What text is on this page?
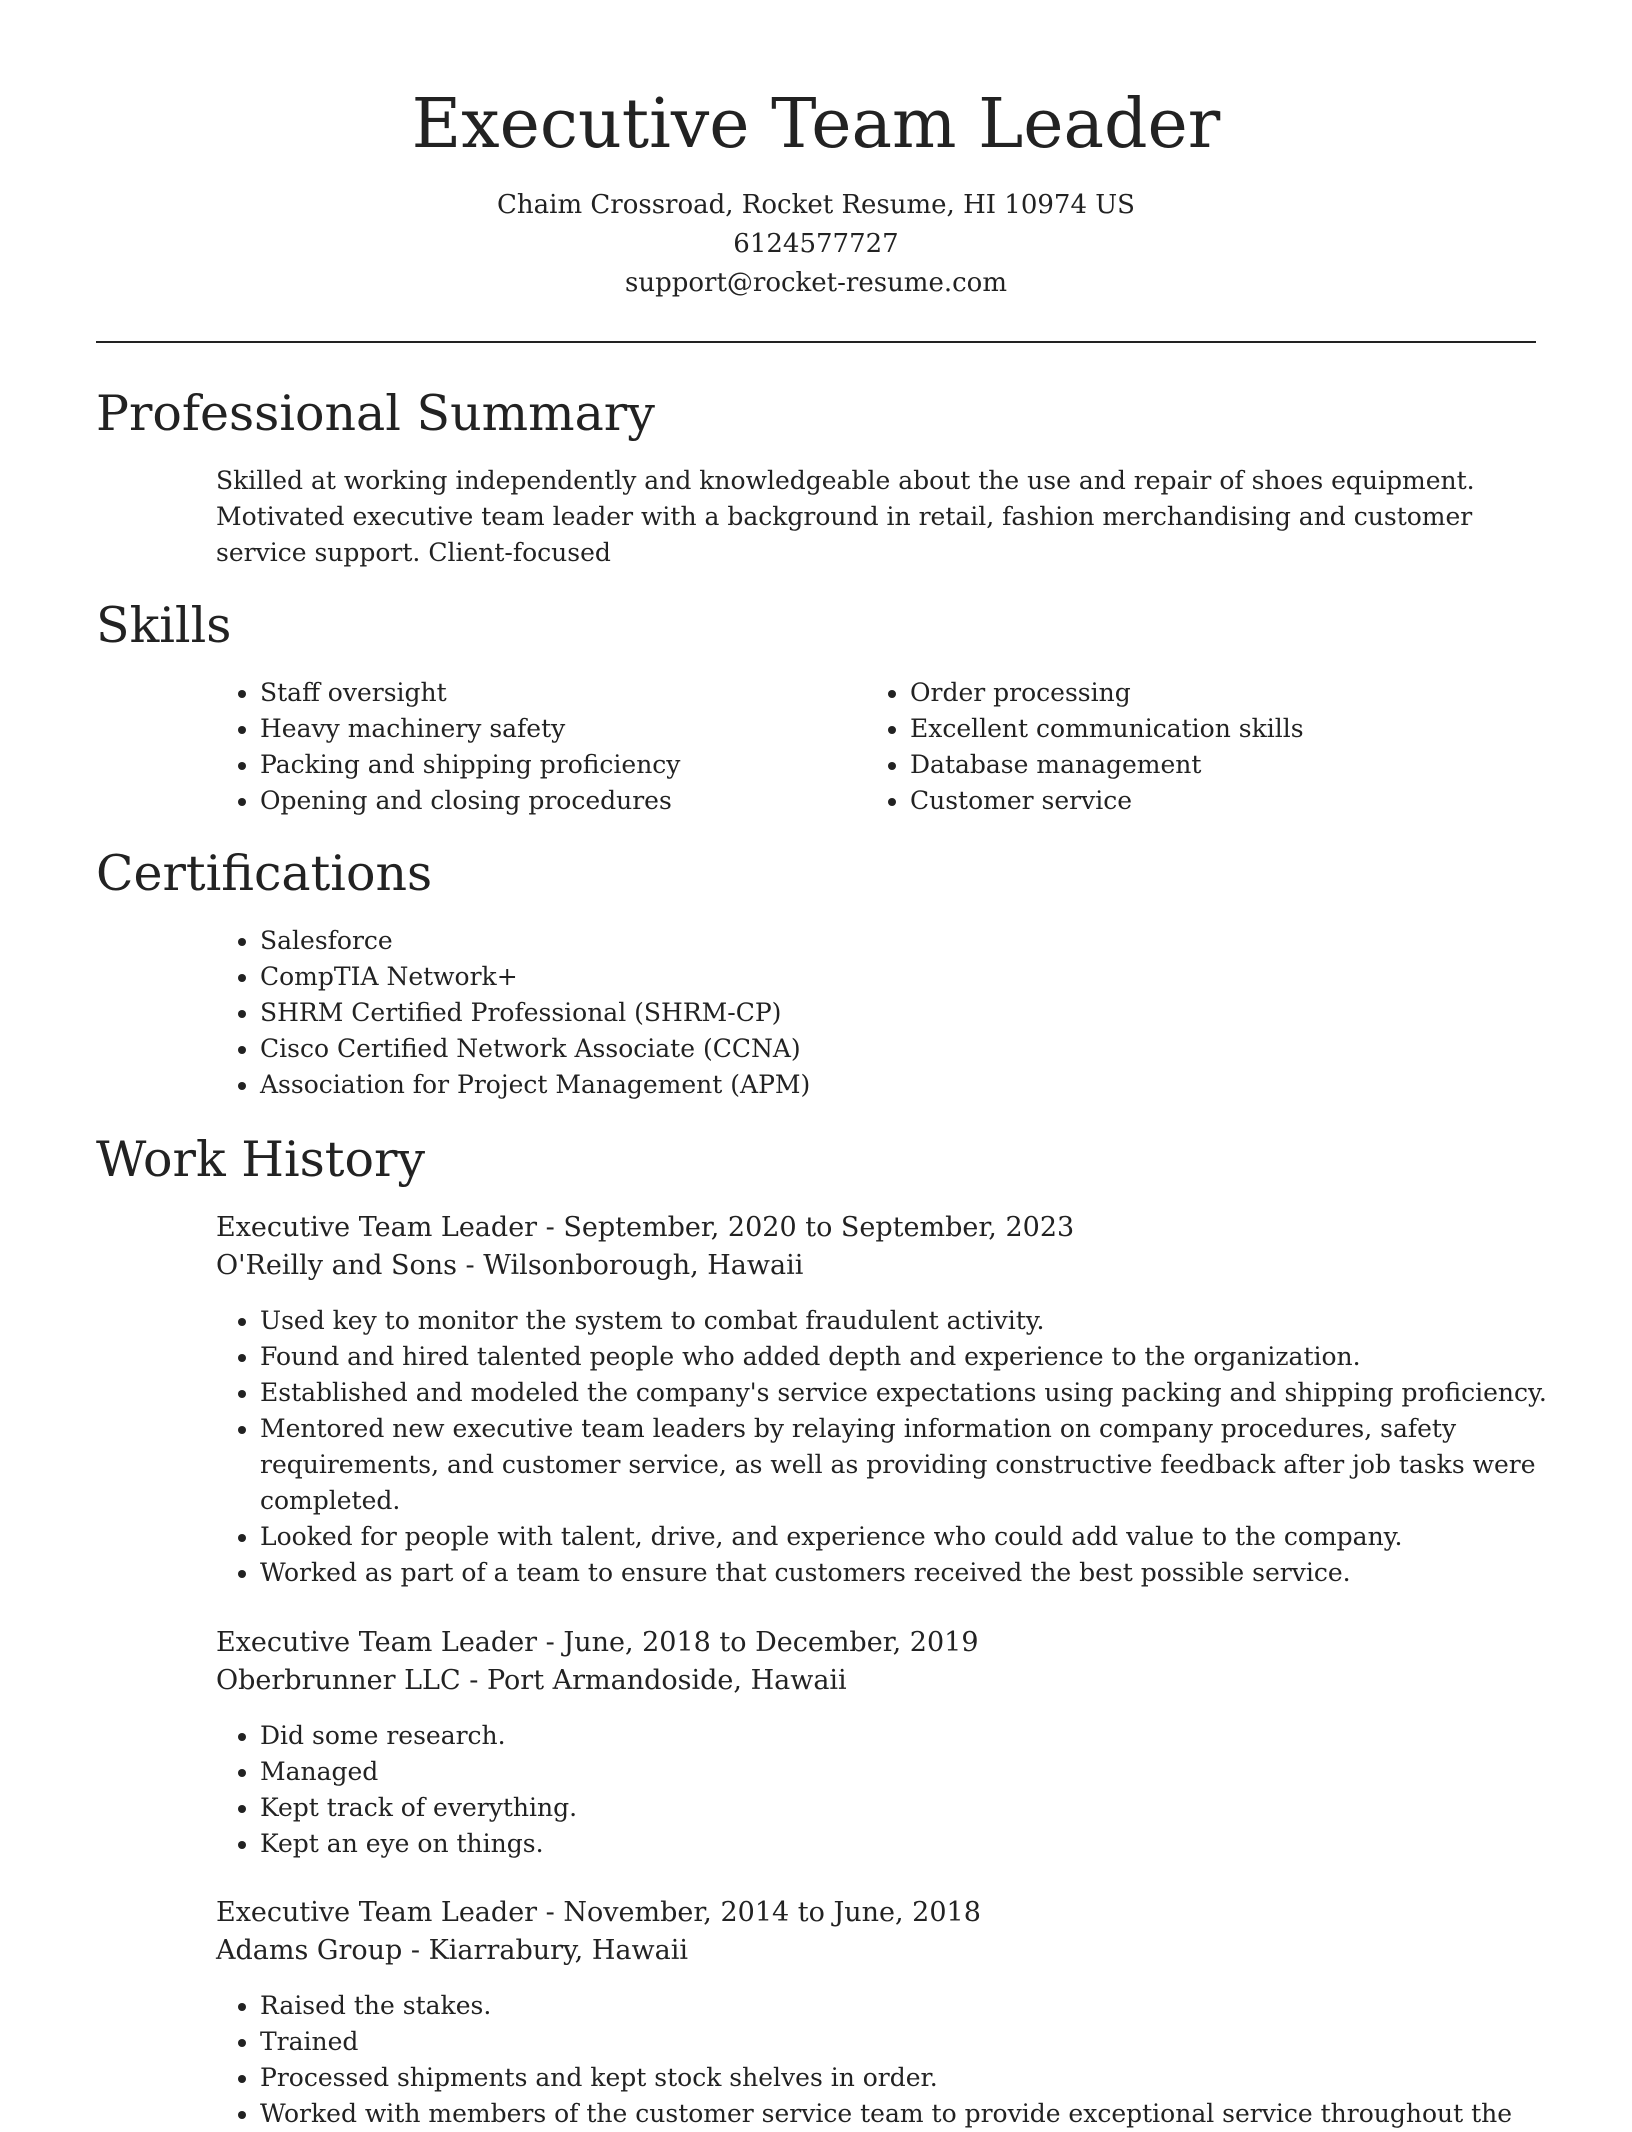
Executive Team Leader
Chaim Crossroad, Rocket Resume, HI 10974 US
6124577727
support@rocket-resume.com
Professional Summary

Skilled at working independently and knowledgeable about the use and repair of shoes equipment. Motivated executive team leader with a background in retail, fashion merchandising and customer service support. Client-focused

Skills
• Staff oversight
• Heavy machinery safety
• Packing and shipping proficiency
• Opening and closing procedures
• Order processing
• Excellent communication skills
• Database management
• Customer service
Certifications
• Salesforce
• CompTIA Network+
• SHRM Certified Professional (SHRM-CP)
• Cisco Certified Network Associate (CCNA)
• Association for Project Management (APM)
Work History
Executive Team Leader - September, 2020 to September, 2023
O'Reilly and Sons - Wilsonborough, Hawaii
• Used key to monitor the system to combat fraudulent activity.
• Found and hired talented people who added depth and experience to the organization.
• Established and modeled the company's service expectations using packing and shipping proficiency.
• Mentored new executive team leaders by relaying information on company procedures, safety requirements, and customer service, as well as providing constructive feedback after job tasks were completed.
• Looked for people with talent, drive, and experience who could add value to the company.
• Worked as part of a team to ensure that customers received the best possible service.
Executive Team Leader - June, 2018 to December, 2019
Oberbrunner LLC - Port Armandoside, Hawaii
• Did some research.
• Managed
• Kept track of everything.
• Kept an eye on things.
Executive Team Leader - November, 2014 to June, 2018
Adams Group - Kiarrabury, Hawaii
• Raised the stakes.
• Trained
• Processed shipments and kept stock shelves in order.
• Worked with members of the customer service team to provide exceptional service throughout the
